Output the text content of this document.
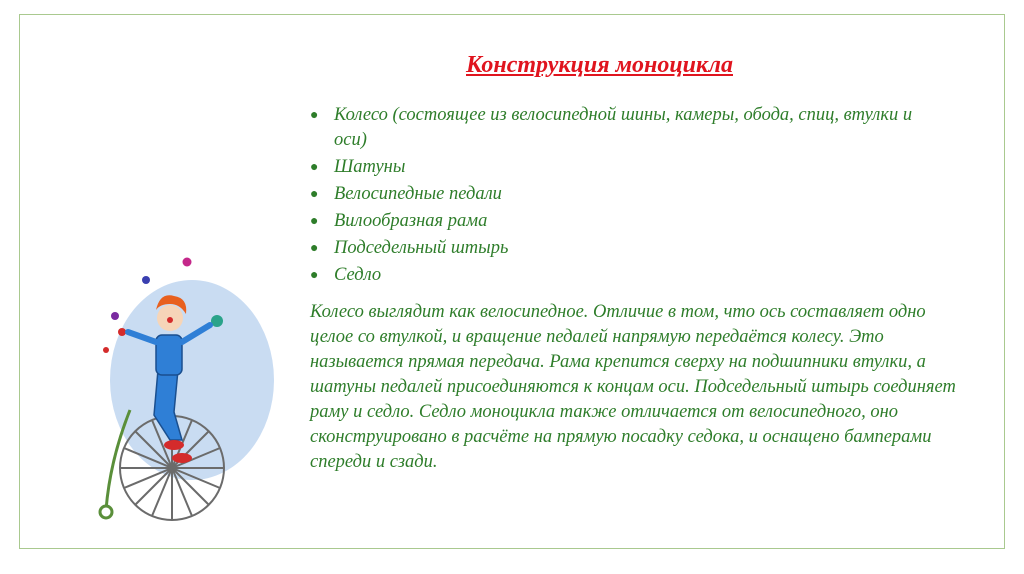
Конструкция моноцикла
● Колесо (состоящее из велосипедной шины, камеры, обода, спиц, втулки и оси)
● Шатуны
● Велосипедные педали
● Вилообразная рама
● Подседельный штырь
● Седло

Колесо выглядит как велосипедное. Отличие в том, что ось составляет одно целое со втулкой, и вращение педалей напрямую передаётся колесу. Это называется прямая передача. Рама крепится сверху на подшипники втулки, а шатуны педалей присоединяются к концам оси. Подседельный штырь соединяет раму и седло. Седло моноцикла также отличается от велосипедного, оно сконструировано в расчёте на прямую посадку седока, и оснащено бамперами спереди и сзади.
